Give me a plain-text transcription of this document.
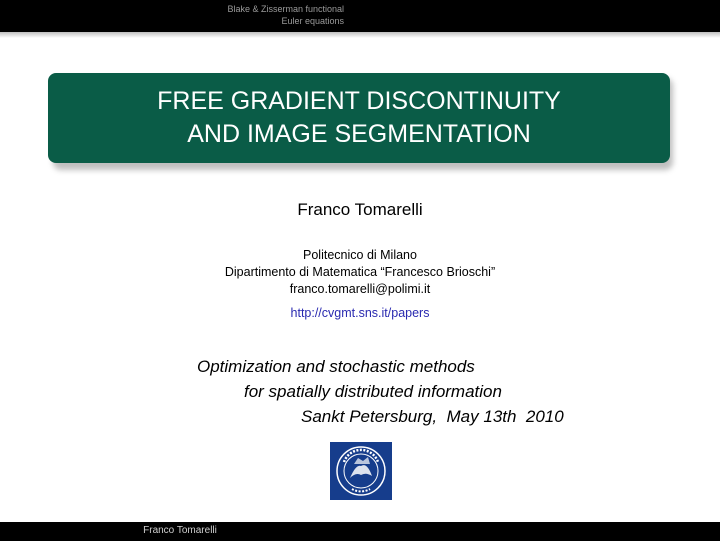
Blake & Zisserman functional
Euler equations
FREE GRADIENT DISCONTINUITY
AND IMAGE SEGMENTATION
Franco Tomarelli
Politecnico di Milano
Dipartimento di Matematica “Francesco Brioschi”
franco.tomarelli@polimi.it
http://cvgmt.sns.it/papers
Optimization and stochastic methods
for spatially distributed information
Sankt Petersburg,  May 13th  2010
Franco Tomarelli
